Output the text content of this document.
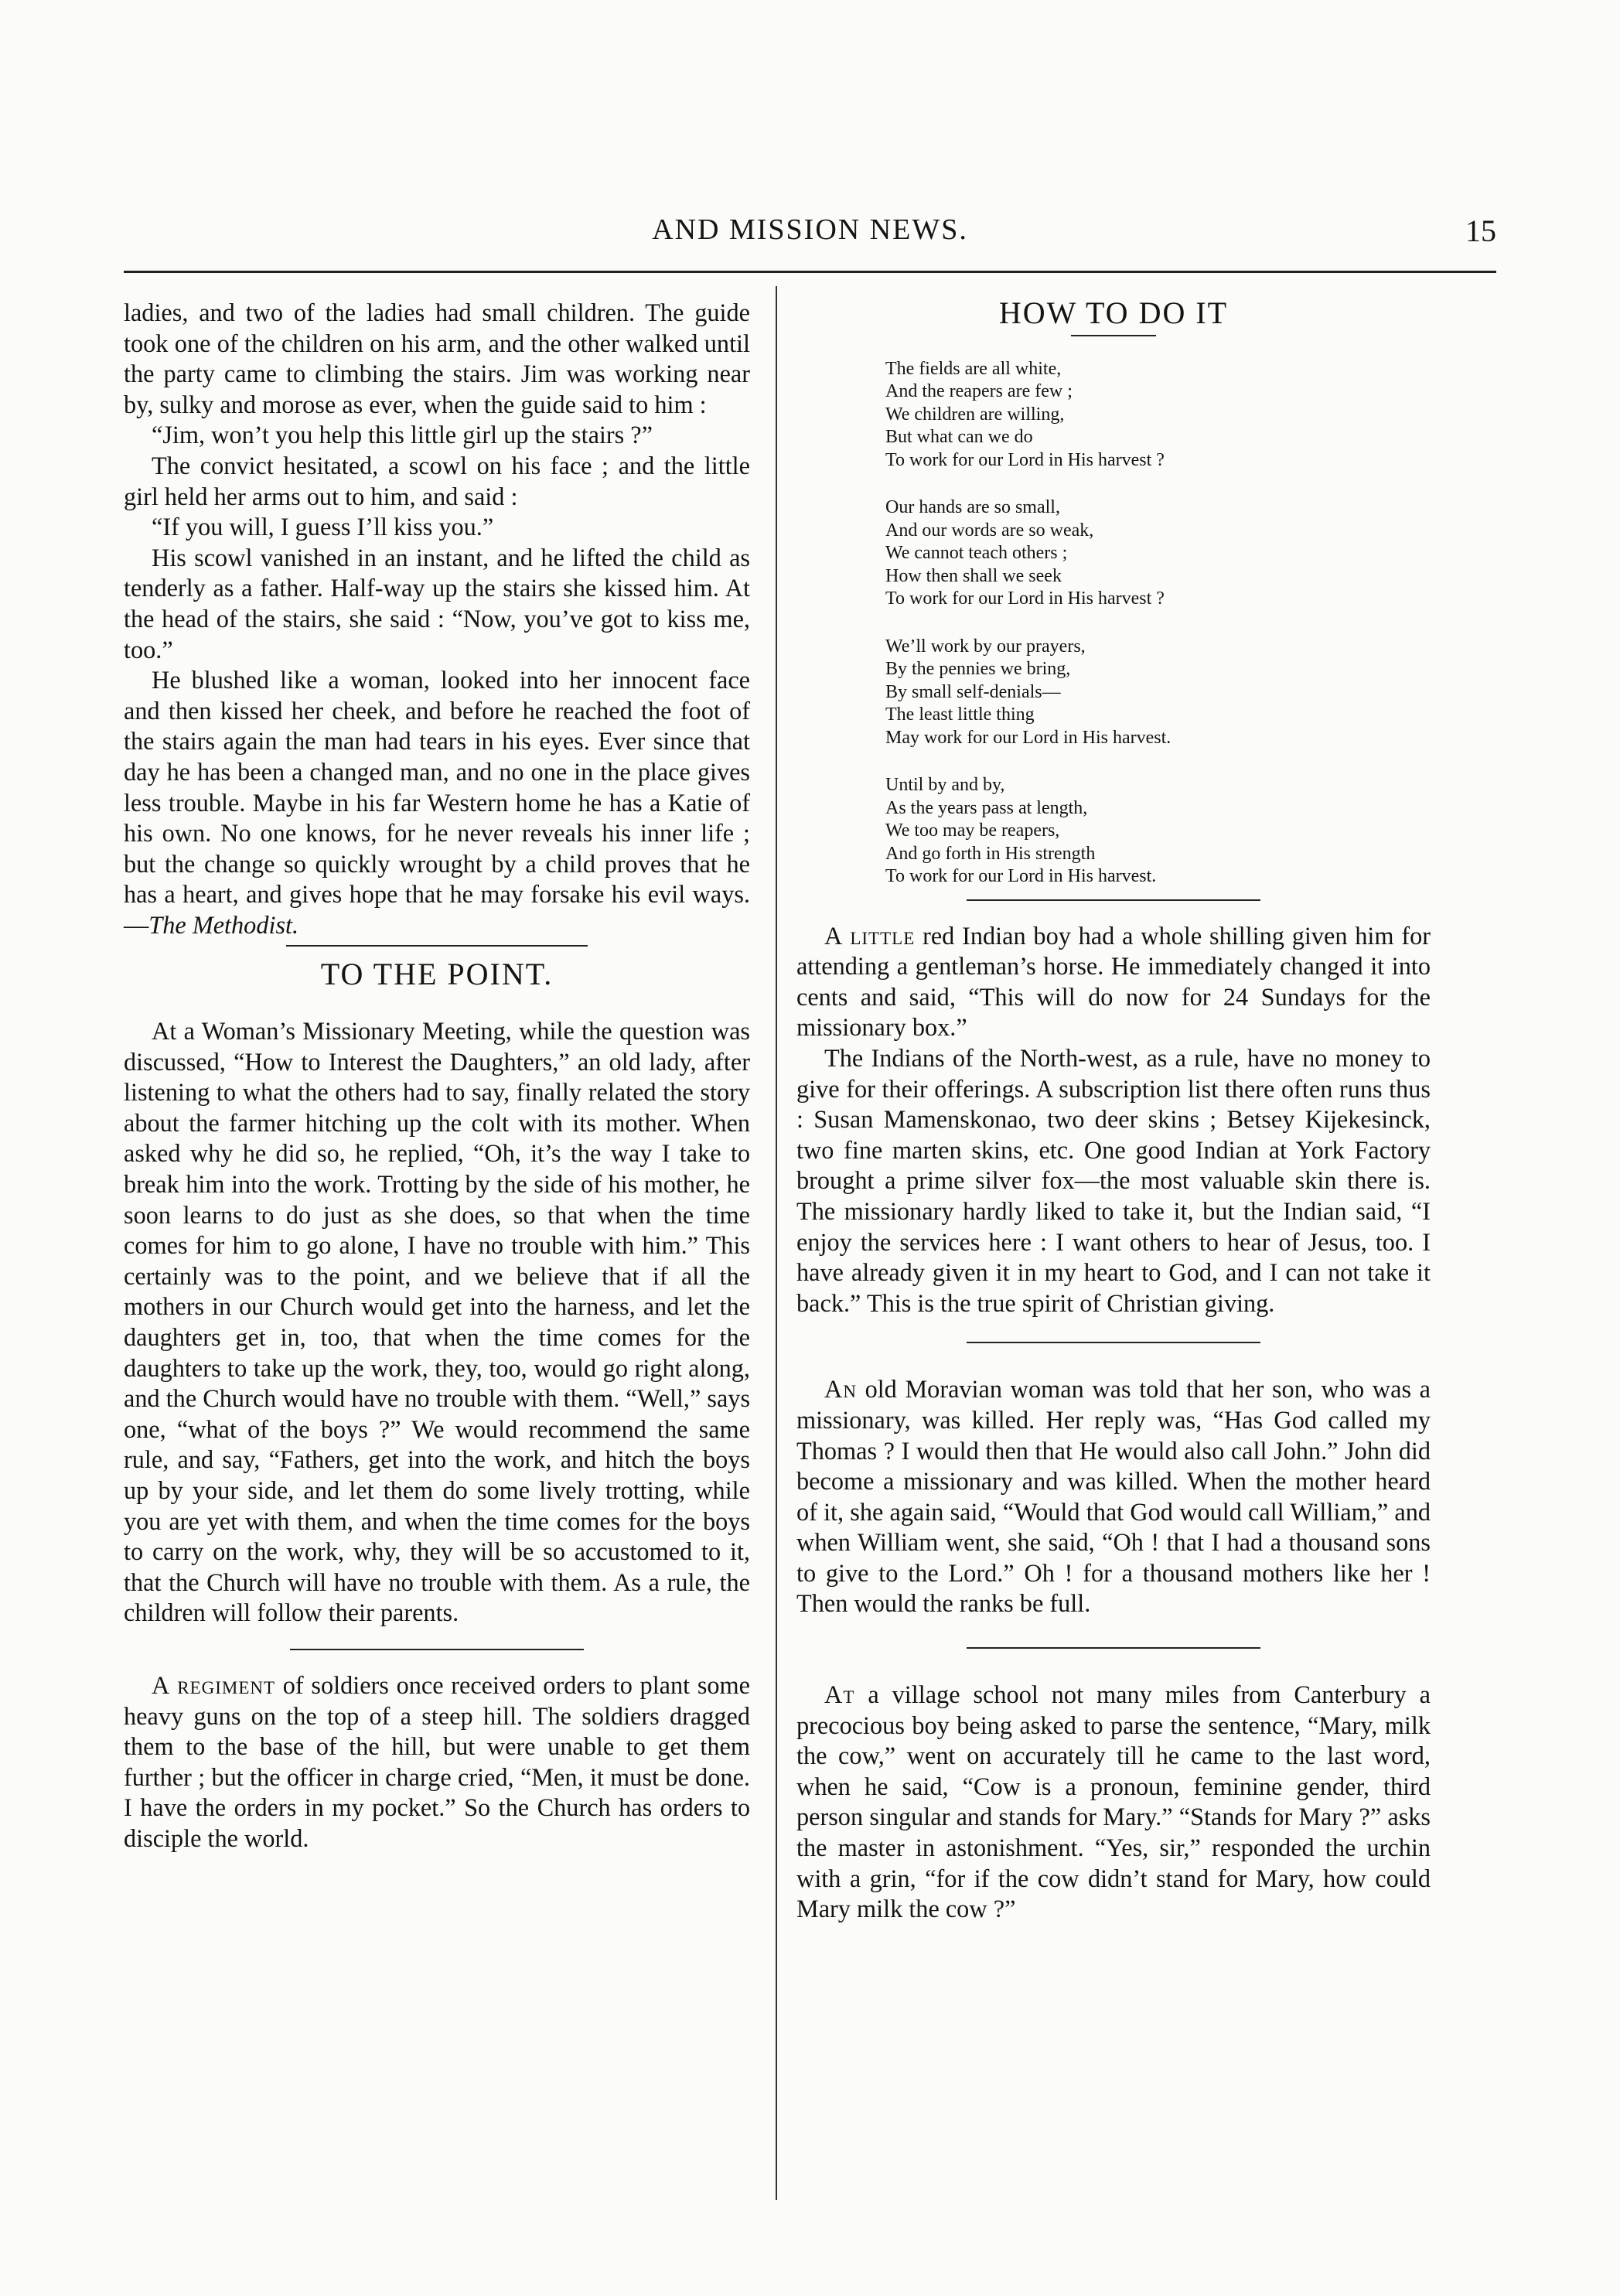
AND MISSION NEWS.	15

ladies, and two of the ladies had small children. The guide took one of the children on his arm, and the other walked until the party came to climbing the stairs. Jim was working near by, sulky and morose as ever, when the guide said to him :

“Jim, won’t you help this little girl up the stairs ?”

The convict hesitated, a scowl on his face ; and the little girl held her arms out to him, and said :

“If you will, I guess I’ll kiss you.”

His scowl vanished in an instant, and he lifted the child as tenderly as a father. Half-way up the stairs she kissed him. At the head of the stairs, she said : “Now, you’ve got to kiss me, too.”

He blushed like a woman, looked into her innocent face and then kissed her cheek, and before he reached the foot of the stairs again the man had tears in his eyes. Ever since that day he has been a changed man, and no one in the place gives less trouble. Maybe in his far Western home he has a Katie of his own. No one knows, for he never reveals his inner life ; but the change so quickly wrought by a child proves that he has a heart, and gives hope that he may forsake his evil ways.—The Methodist.

TO THE POINT.

At a Woman’s Missionary Meeting, while the question was discussed, “How to Interest the Daughters,” an old lady, after listening to what the others had to say, finally related the story about the farmer hitching up the colt with its mother. When asked why he did so, he replied, “Oh, it’s the way I take to break him into the work. Trotting by the side of his mother, he soon learns to do just as she does, so that when the time comes for him to go alone, I have no trouble with him.” This certainly was to the point, and we believe that if all the mothers in our Church would get into the harness, and let the daughters get in, too, that when the time comes for the daughters to take up the work, they, too, would go right along, and the Church would have no trouble with them. “Well,” says one, “what of the boys ?” We would recommend the same rule, and say, “Fathers, get into the work, and hitch the boys up by your side, and let them do some lively trotting, while you are yet with them, and when the time comes for the boys to carry on the work, why, they will be so accustomed to it, that the Church will have no trouble with them. As a rule, the children will follow their parents.

A regiment of soldiers once received orders to plant some heavy guns on the top of a steep hill. The soldiers dragged them to the base of the hill, but were unable to get them further ; but the officer in charge cried, “Men, it must be done. I have the orders in my pocket.” So the Church has orders to disciple the world.

HOW TO DO IT
The fields are all white,
And the reapers are few ;
We children are willing,
But what can we do
To work for our Lord in His harvest ?
Our hands are so small,
And our words are so weak,
We cannot teach others ;
How then shall we seek
To work for our Lord in His harvest ?
We’ll work by our prayers,
By the pennies we bring,
By small self-denials—
The least little thing
May work for our Lord in His harvest.
Until by and by,
As the years pass at length,
We too may be reapers,
And go forth in His strength
To work for our Lord in His harvest.

A little red Indian boy had a whole shilling given him for attending a gentleman’s horse. He immediately changed it into cents and said, “This will do now for 24 Sundays for the missionary box.”

The Indians of the North-west, as a rule, have no money to give for their offerings. A subscription list there often runs thus : Susan Mamenskonao, two deer skins ; Betsey Kijekesinck, two fine marten skins, etc. One good Indian at York Factory brought a prime silver fox—the most valuable skin there is. The missionary hardly liked to take it, but the Indian said, “I enjoy the services here : I want others to hear of Jesus, too. I have already given it in my heart to God, and I can not take it back.” This is the true spirit of Christian giving.

An old Moravian woman was told that her son, who was a missionary, was killed. Her reply was, “Has God called my Thomas ? I would then that He would also call John.” John did become a missionary and was killed. When the mother heard of it, she again said, “Would that God would call William,” and when William went, she said, “Oh ! that I had a thousand sons to give to the Lord.” Oh ! for a thousand mothers like her ! Then would the ranks be full.

At a village school not many miles from Canterbury a precocious boy being asked to parse the sentence, “Mary, milk the cow,” went on accurately till he came to the last word, when he said, “Cow is a pronoun, feminine gender, third person singular and stands for Mary.” “Stands for Mary ?” asks the master in astonishment. “Yes, sir,” responded the urchin with a grin, “for if the cow didn’t stand for Mary, how could Mary milk the cow ?”
